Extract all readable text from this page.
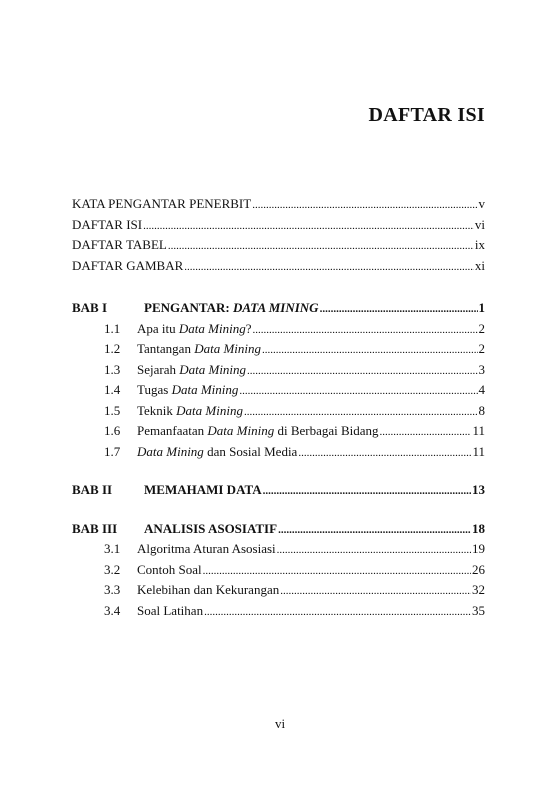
DAFTAR ISI
KATA PENGANTAR PENERBIT .....	v
DAFTAR ISI .....	vi
DAFTAR TABEL .....	ix
DAFTAR GAMBAR .....	xi
BAB I	PENGANTAR: DATA MINING .....	1
1.1 Apa itu Data Mining? .....	2
1.2 Tantangan Data Mining .....	2
1.3 Sejarah Data Mining .....	3
1.4 Tugas Data Mining .....	4
1.5 Teknik Data Mining .....	8
1.6 Pemanfaatan Data Mining di Berbagai Bidang .....	11
1.7 Data Mining dan Sosial Media .....	11
BAB II MEMAHAMI DATA .....	13
BAB III ANALISIS ASOSIATIF .....	18
3.1 Algoritma Aturan Asosiasi .....	19
3.2 Contoh Soal .....	26
3.3 Kelebihan dan Kekurangan .....	32
3.4 Soal Latihan .....	35
vi
